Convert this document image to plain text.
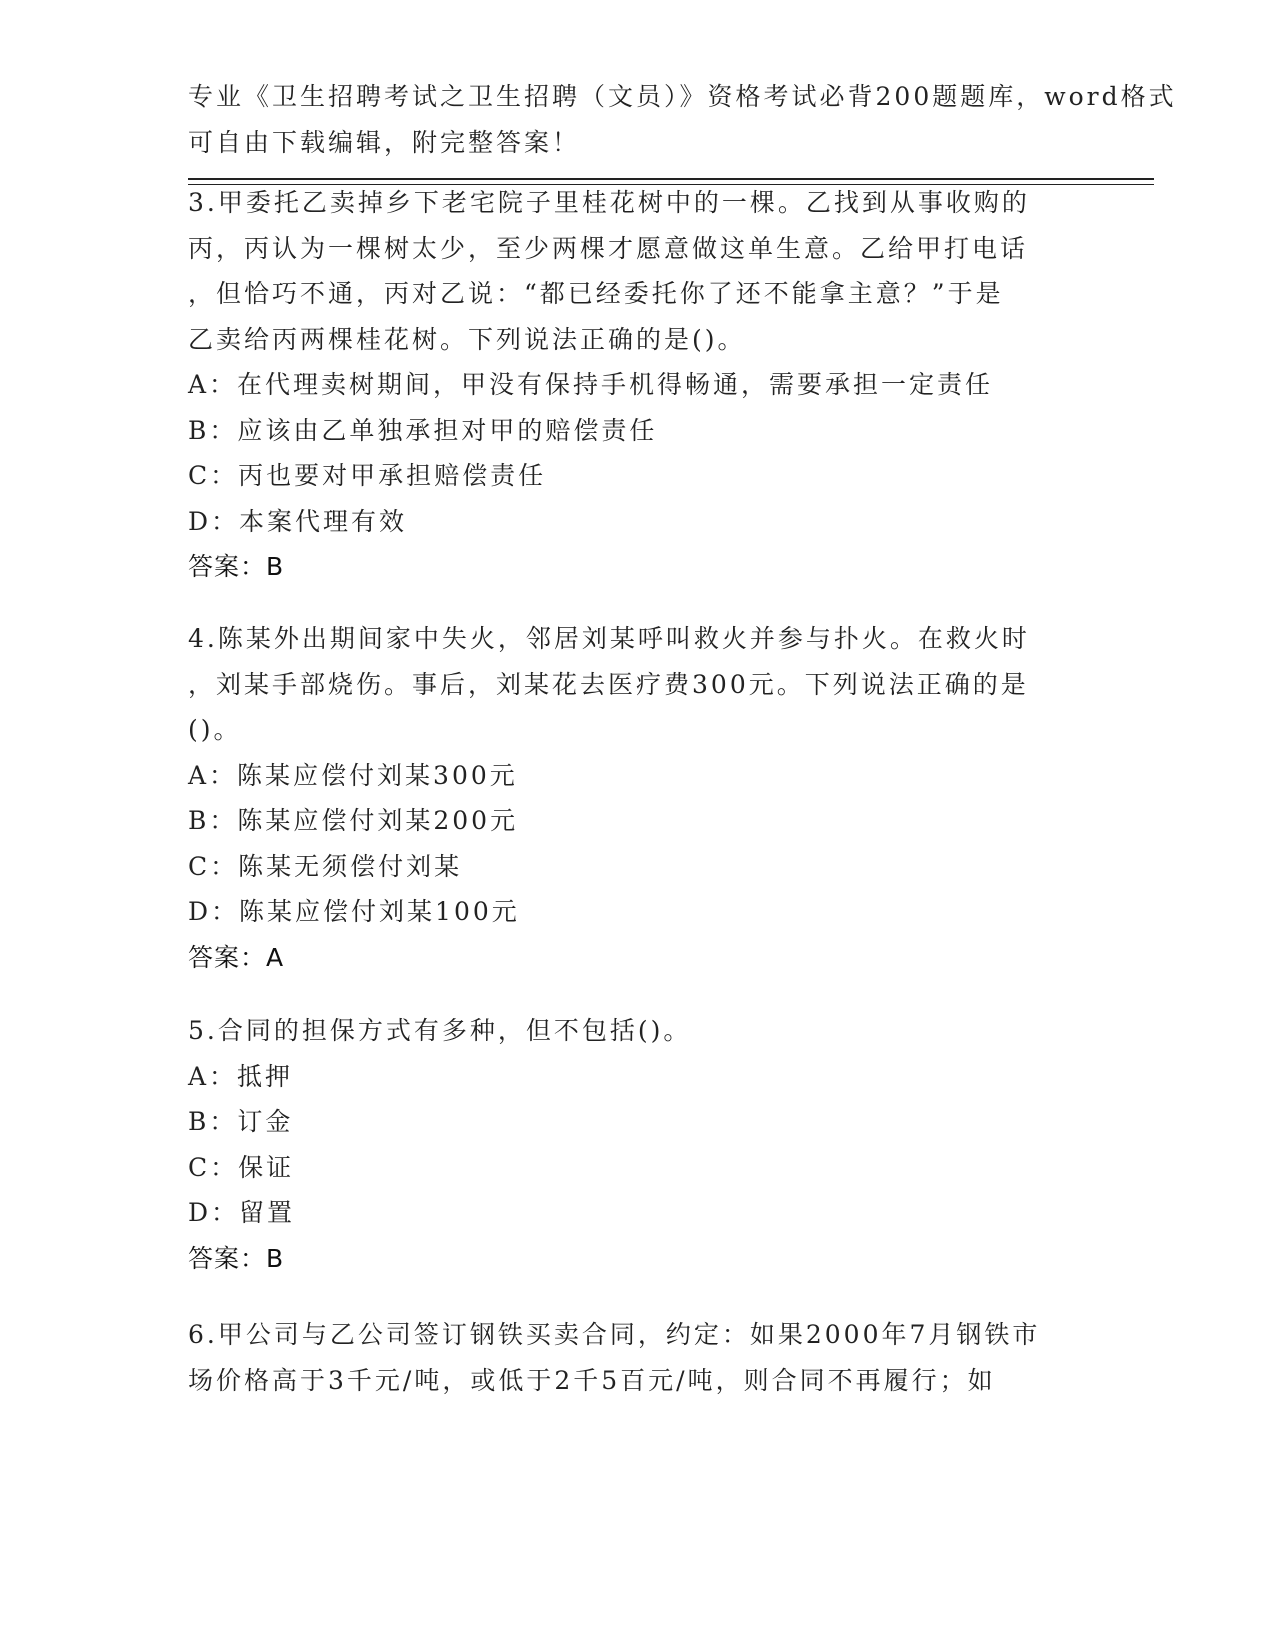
专业《卫生招聘考试之卫生招聘（文员）》资格考试必背200题题库，word格式
可自由下载编辑，附完整答案！
3.甲委托乙卖掉乡下老宅院子里桂花树中的一棵。乙找到从事收购的
丙，丙认为一棵树太少，至少两棵才愿意做这单生意。乙给甲打电话
，但恰巧不通，丙对乙说：“都已经委托你了还不能拿主意？”于是
乙卖给丙两棵桂花树。下列说法正确的是()。
A：在代理卖树期间，甲没有保持手机得畅通，需要承担一定责任
B：应该由乙单独承担对甲的赔偿责任
C：丙也要对甲承担赔偿责任
D：本案代理有效
答案：B
4.陈某外出期间家中失火，邻居刘某呼叫救火并参与扑火。在救火时
，刘某手部烧伤。事后，刘某花去医疗费300元。下列说法正确的是
()。
A：陈某应偿付刘某300元
B：陈某应偿付刘某200元
C：陈某无须偿付刘某
D：陈某应偿付刘某100元
答案：A
5.合同的担保方式有多种，但不包括()。
A：抵押
B：订金
C：保证
D：留置
答案：B
6.甲公司与乙公司签订钢铁买卖合同，约定：如果2000年7月钢铁市
场价格高于3千元/吨，或低于2千5百元/吨，则合同不再履行；如
